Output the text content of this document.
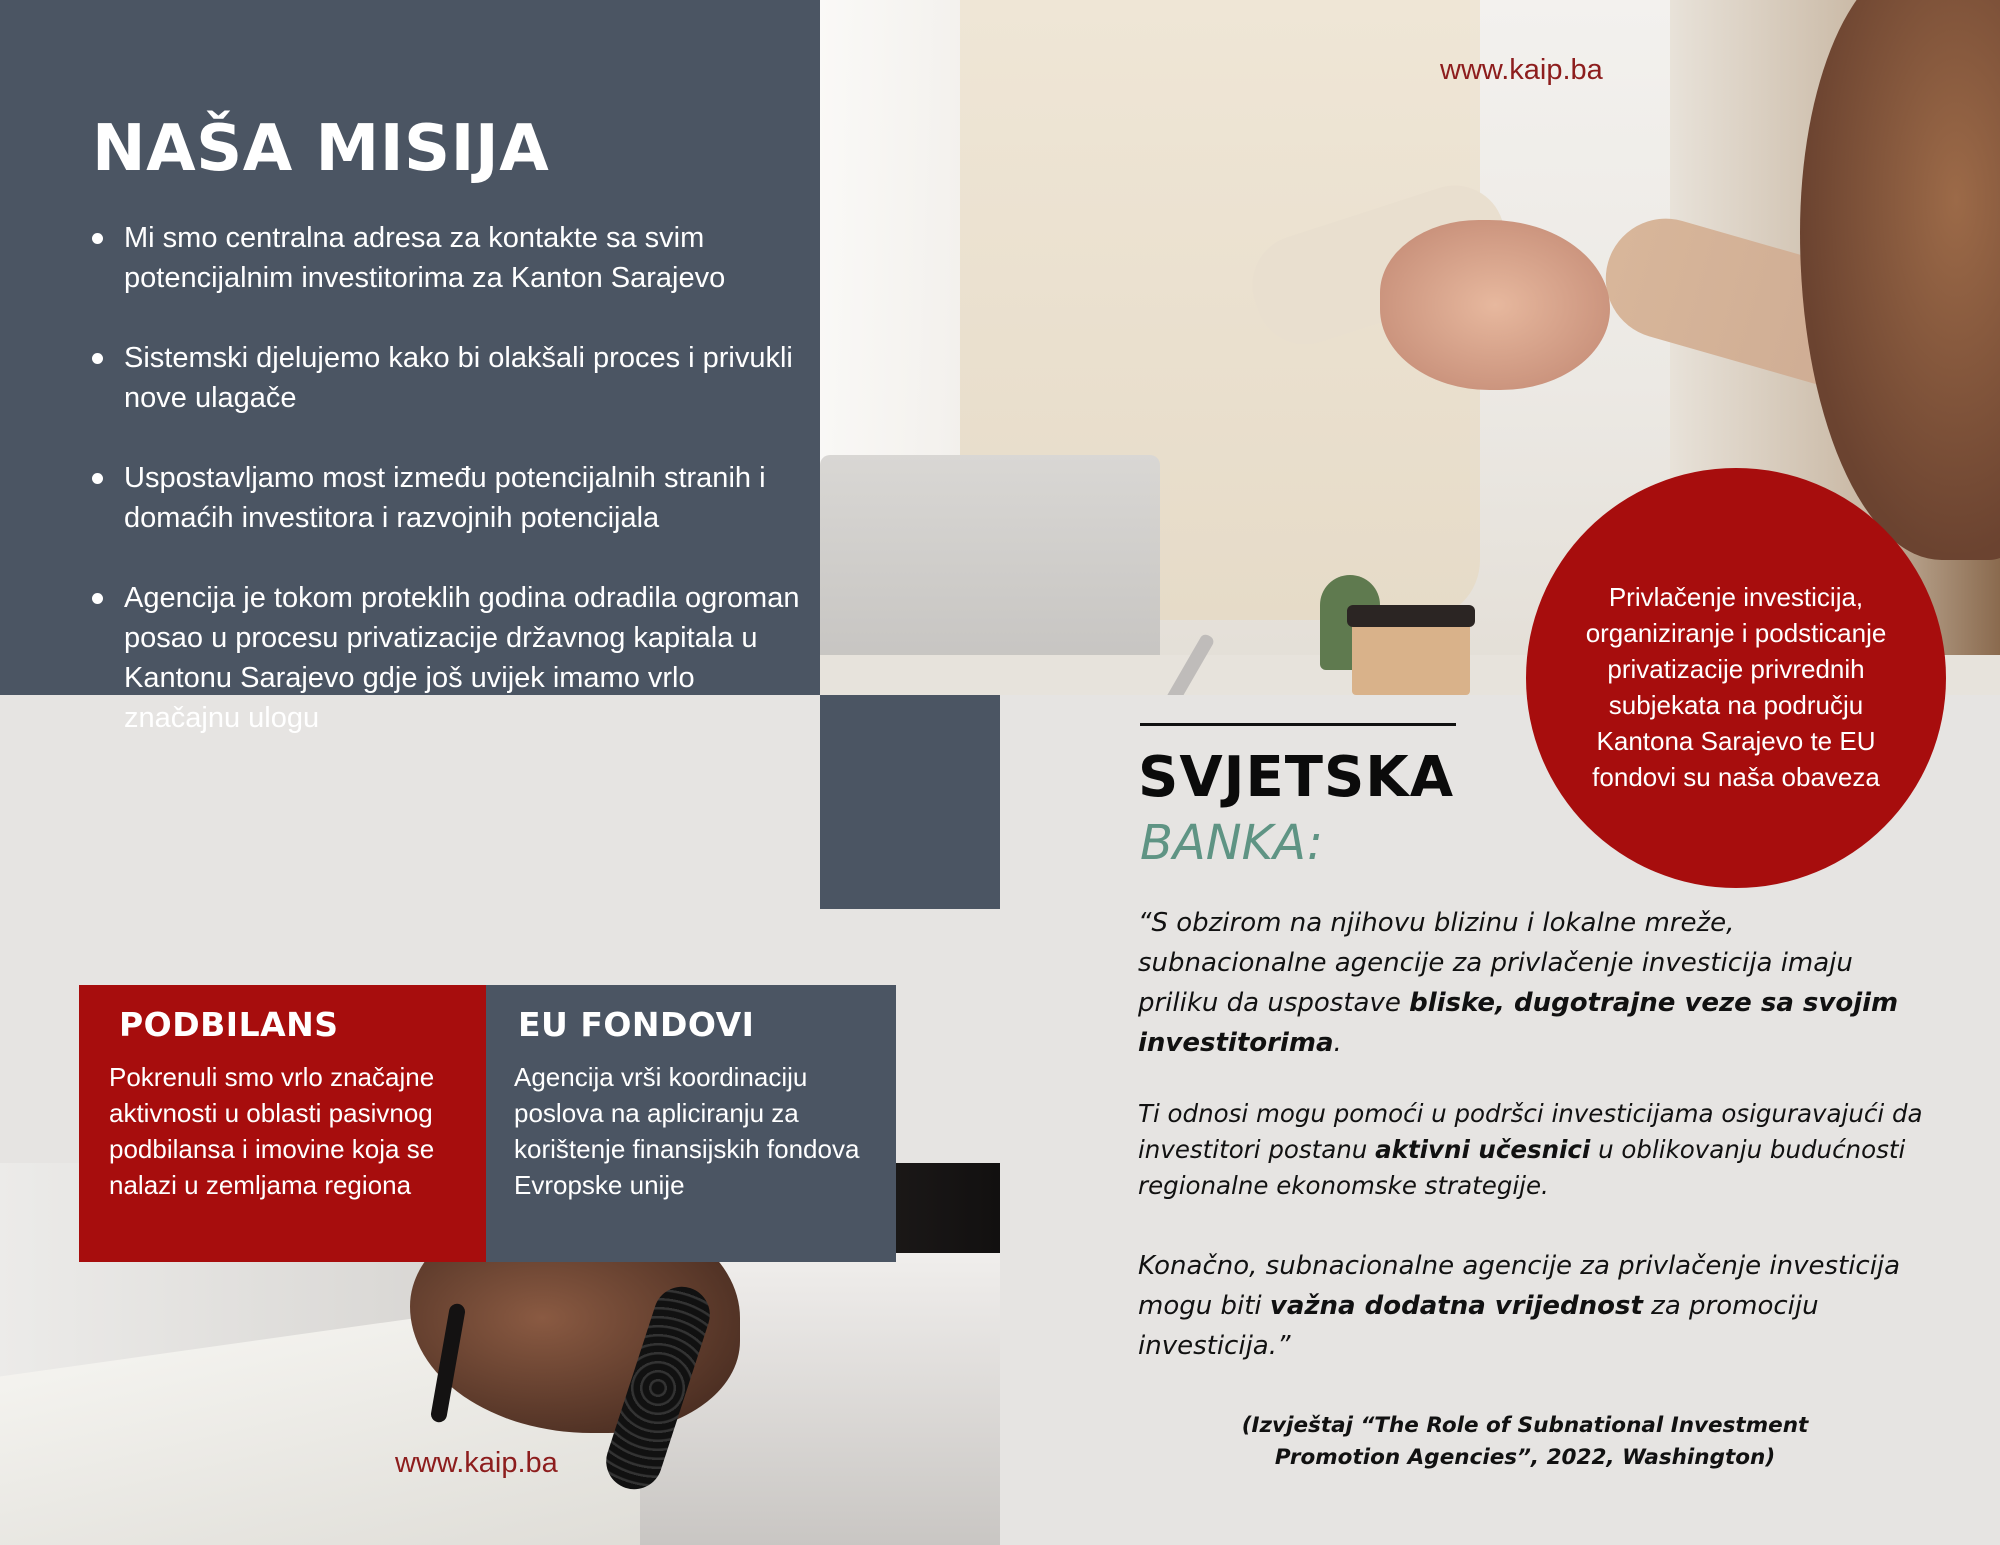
NAŠA MISIJA
Mi smo centralna adresa za kontakte sa svim potencijalnim investitorima za Kanton Sarajevo
Sistemski djelujemo kako bi olakšali proces i privukli nove ulagače
Uspostavljamo most između potencijalnih stranih i domaćih investitora i razvojnih potencijala
Agencija je tokom proteklih godina odradila ogroman posao u procesu privatizacije državnog kapitala u Kantonu Sarajevo gdje još uvijek imamo vrlo značajnu ulogu
www.kaip.ba
www.kaip.ba

Privlačenje investicija, organiziranje i podsticanje privatizacije privrednih subjekata na području Kantona Sarajevo te EU fondovi su naša obaveza

SVJETSKA
BANKA:

“S obzirom na njihovu blizinu i lokalne mreže, subnacionalne agencije za privlačenje investicija imaju priliku da uspostave bliske, dugotrajne veze sa svojim investitorima.

Ti odnosi mogu pomoći u podršci investicijama osiguravajući da investitori postanu aktivni učesnici u oblikovanju budućnosti regionalne ekonomske strategije.

Konačno, subnacionalne agencije za privlačenje investicija mogu biti važna dodatna vrijednost za promociju investicija.”

(Izvještaj “The Role of Subnational Investment Promotion Agencies”, 2022, Washington)
PODBILANS

Pokrenuli smo vrlo značajne aktivnosti u oblasti pasivnog podbilansa i imovine koja se nalazi u zemljama regiona

EU FONDOVI

Agencija vrši koordinaciju poslova na apliciranju za korištenje finansijskih fondova Evropske unije
